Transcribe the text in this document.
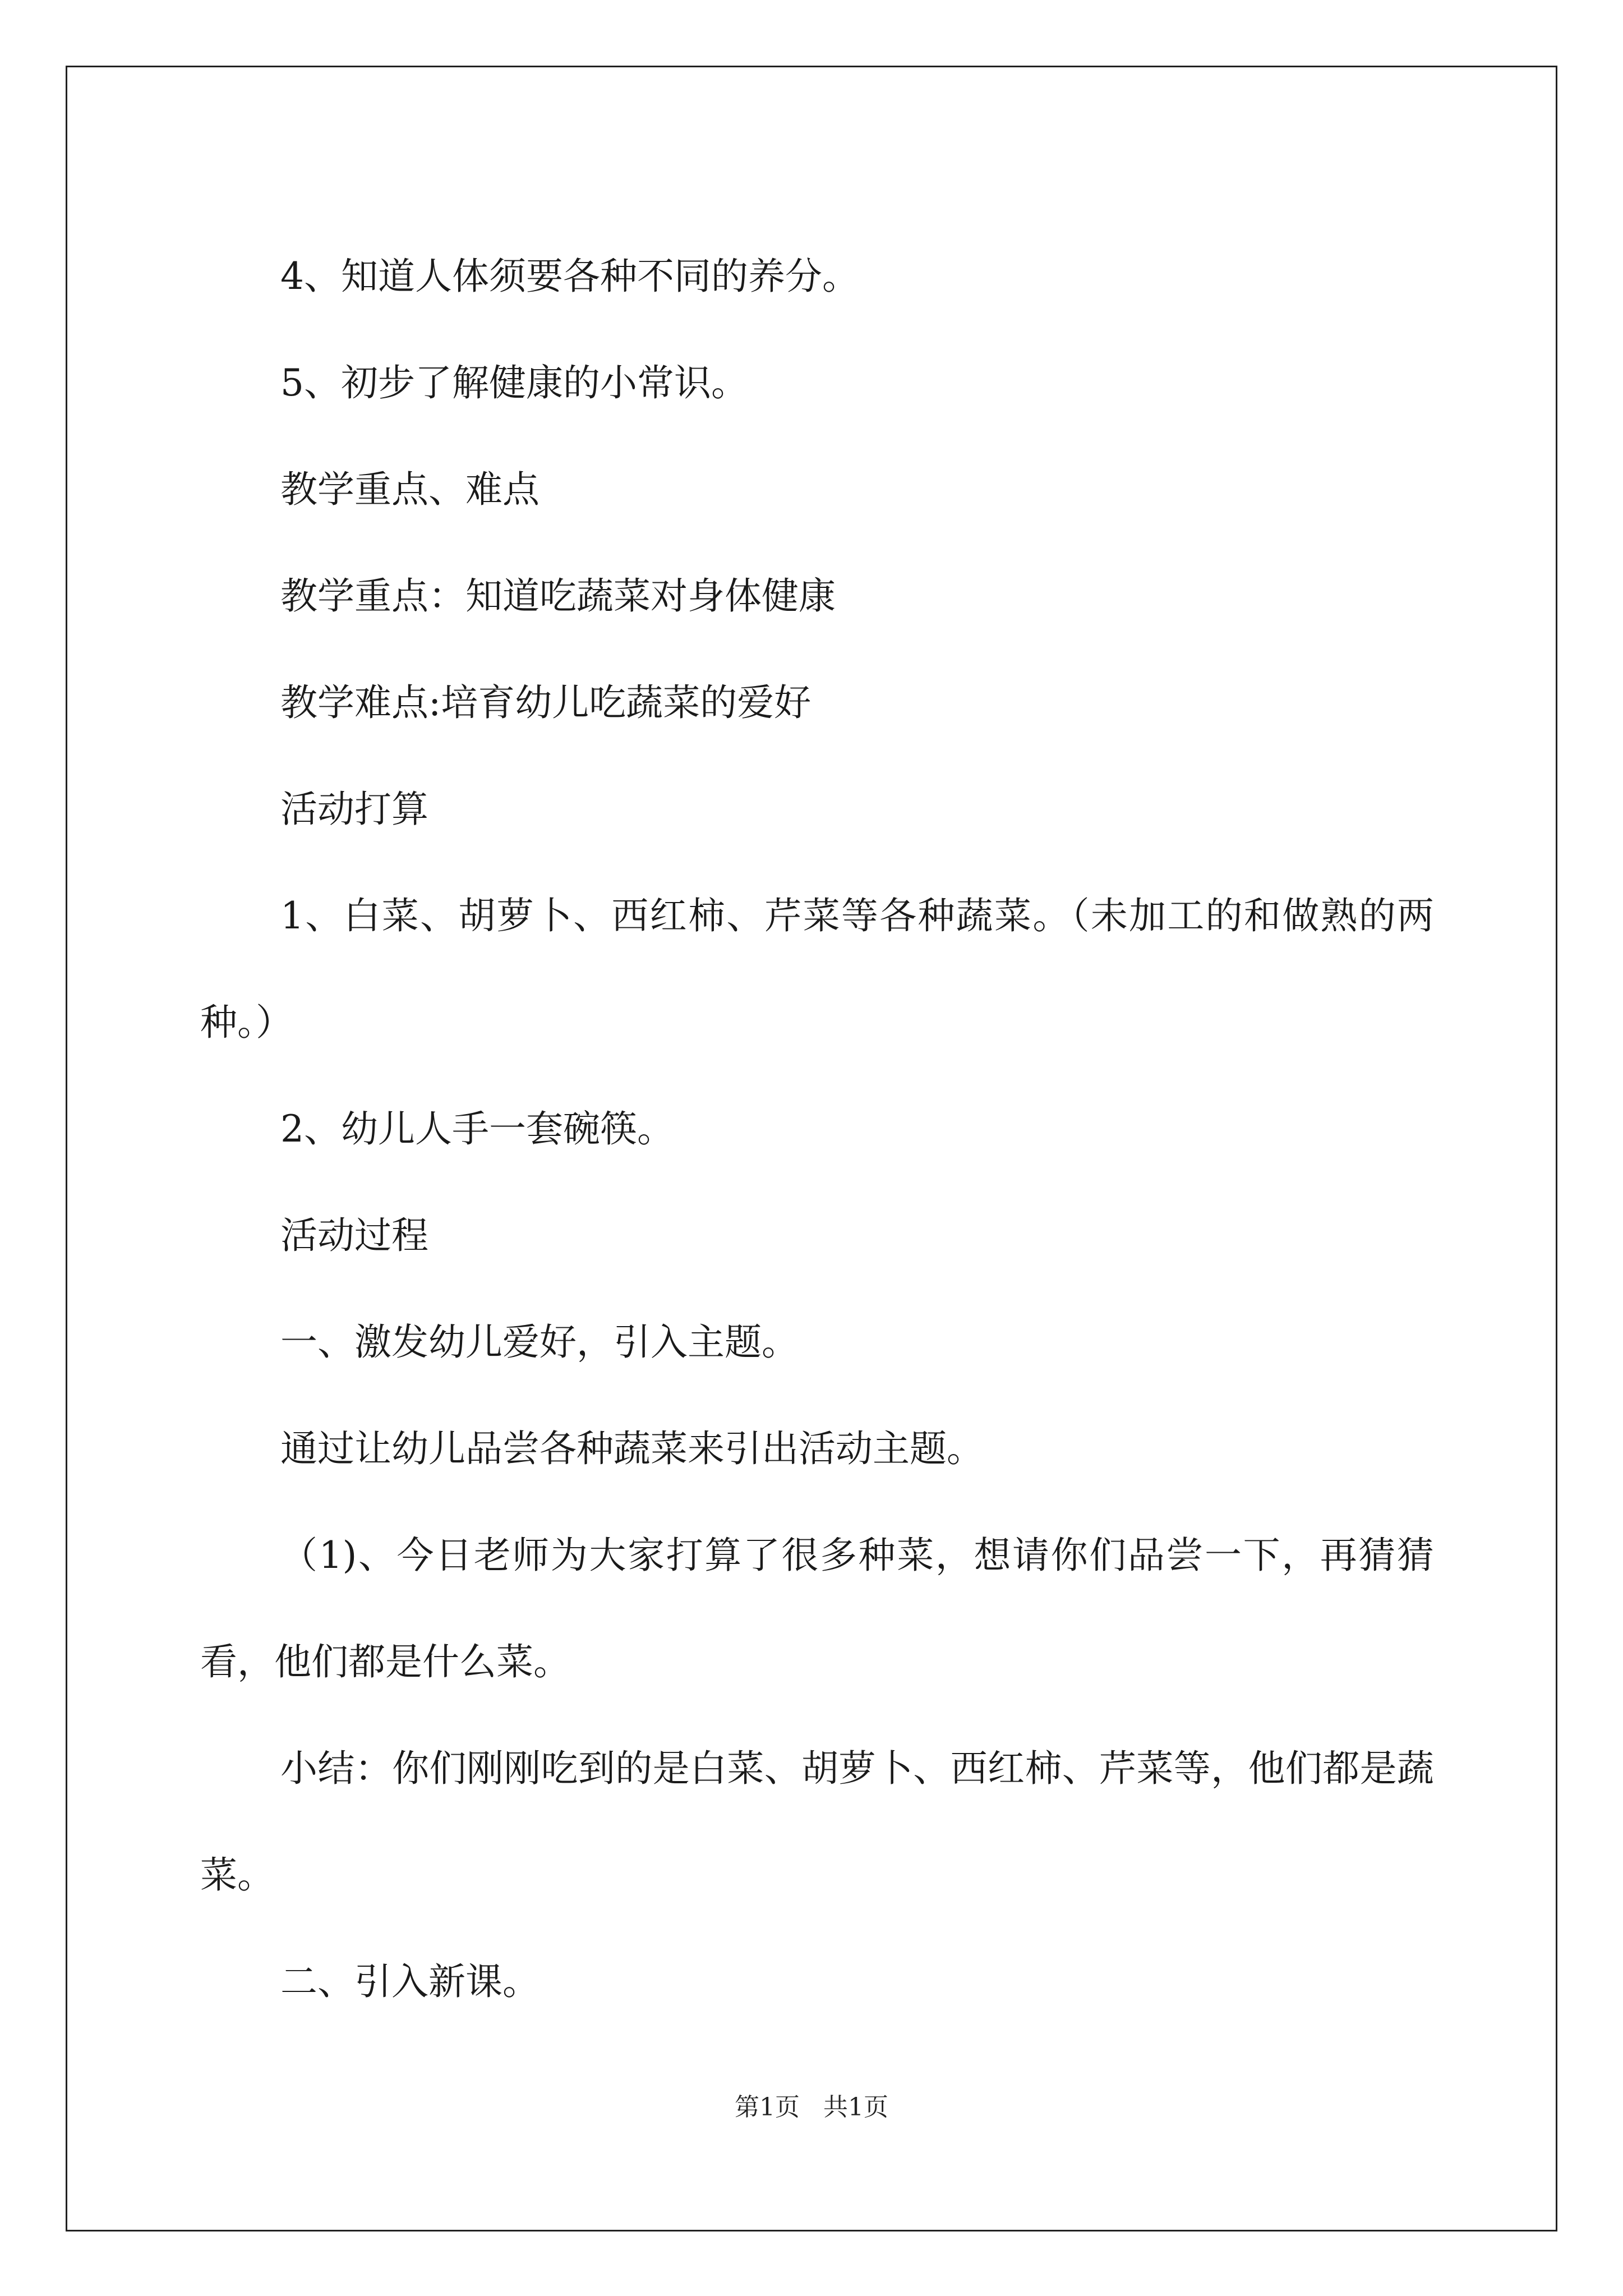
4、知道人体须要各种不同的养分。

5、初步了解健康的小常识。

教学重点、难点

教学重点：知道吃蔬菜对身体健康

教学难点:培育幼儿吃蔬菜的爱好

活动打算

1、白菜、胡萝卜、西红柿、芹菜等各种蔬菜。（未加工的和做熟的两种。）

2、幼儿人手一套碗筷。

活动过程

一、激发幼儿爱好，引入主题。

通过让幼儿品尝各种蔬菜来引出活动主题。

（1)、今日老师为大家打算了很多种菜，想请你们品尝一下，再猜猜看，他们都是什么菜。

小结：你们刚刚吃到的是白菜、胡萝卜、西红柿、芹菜等，他们都是蔬菜。

二、引入新课。

第1页   共1页
